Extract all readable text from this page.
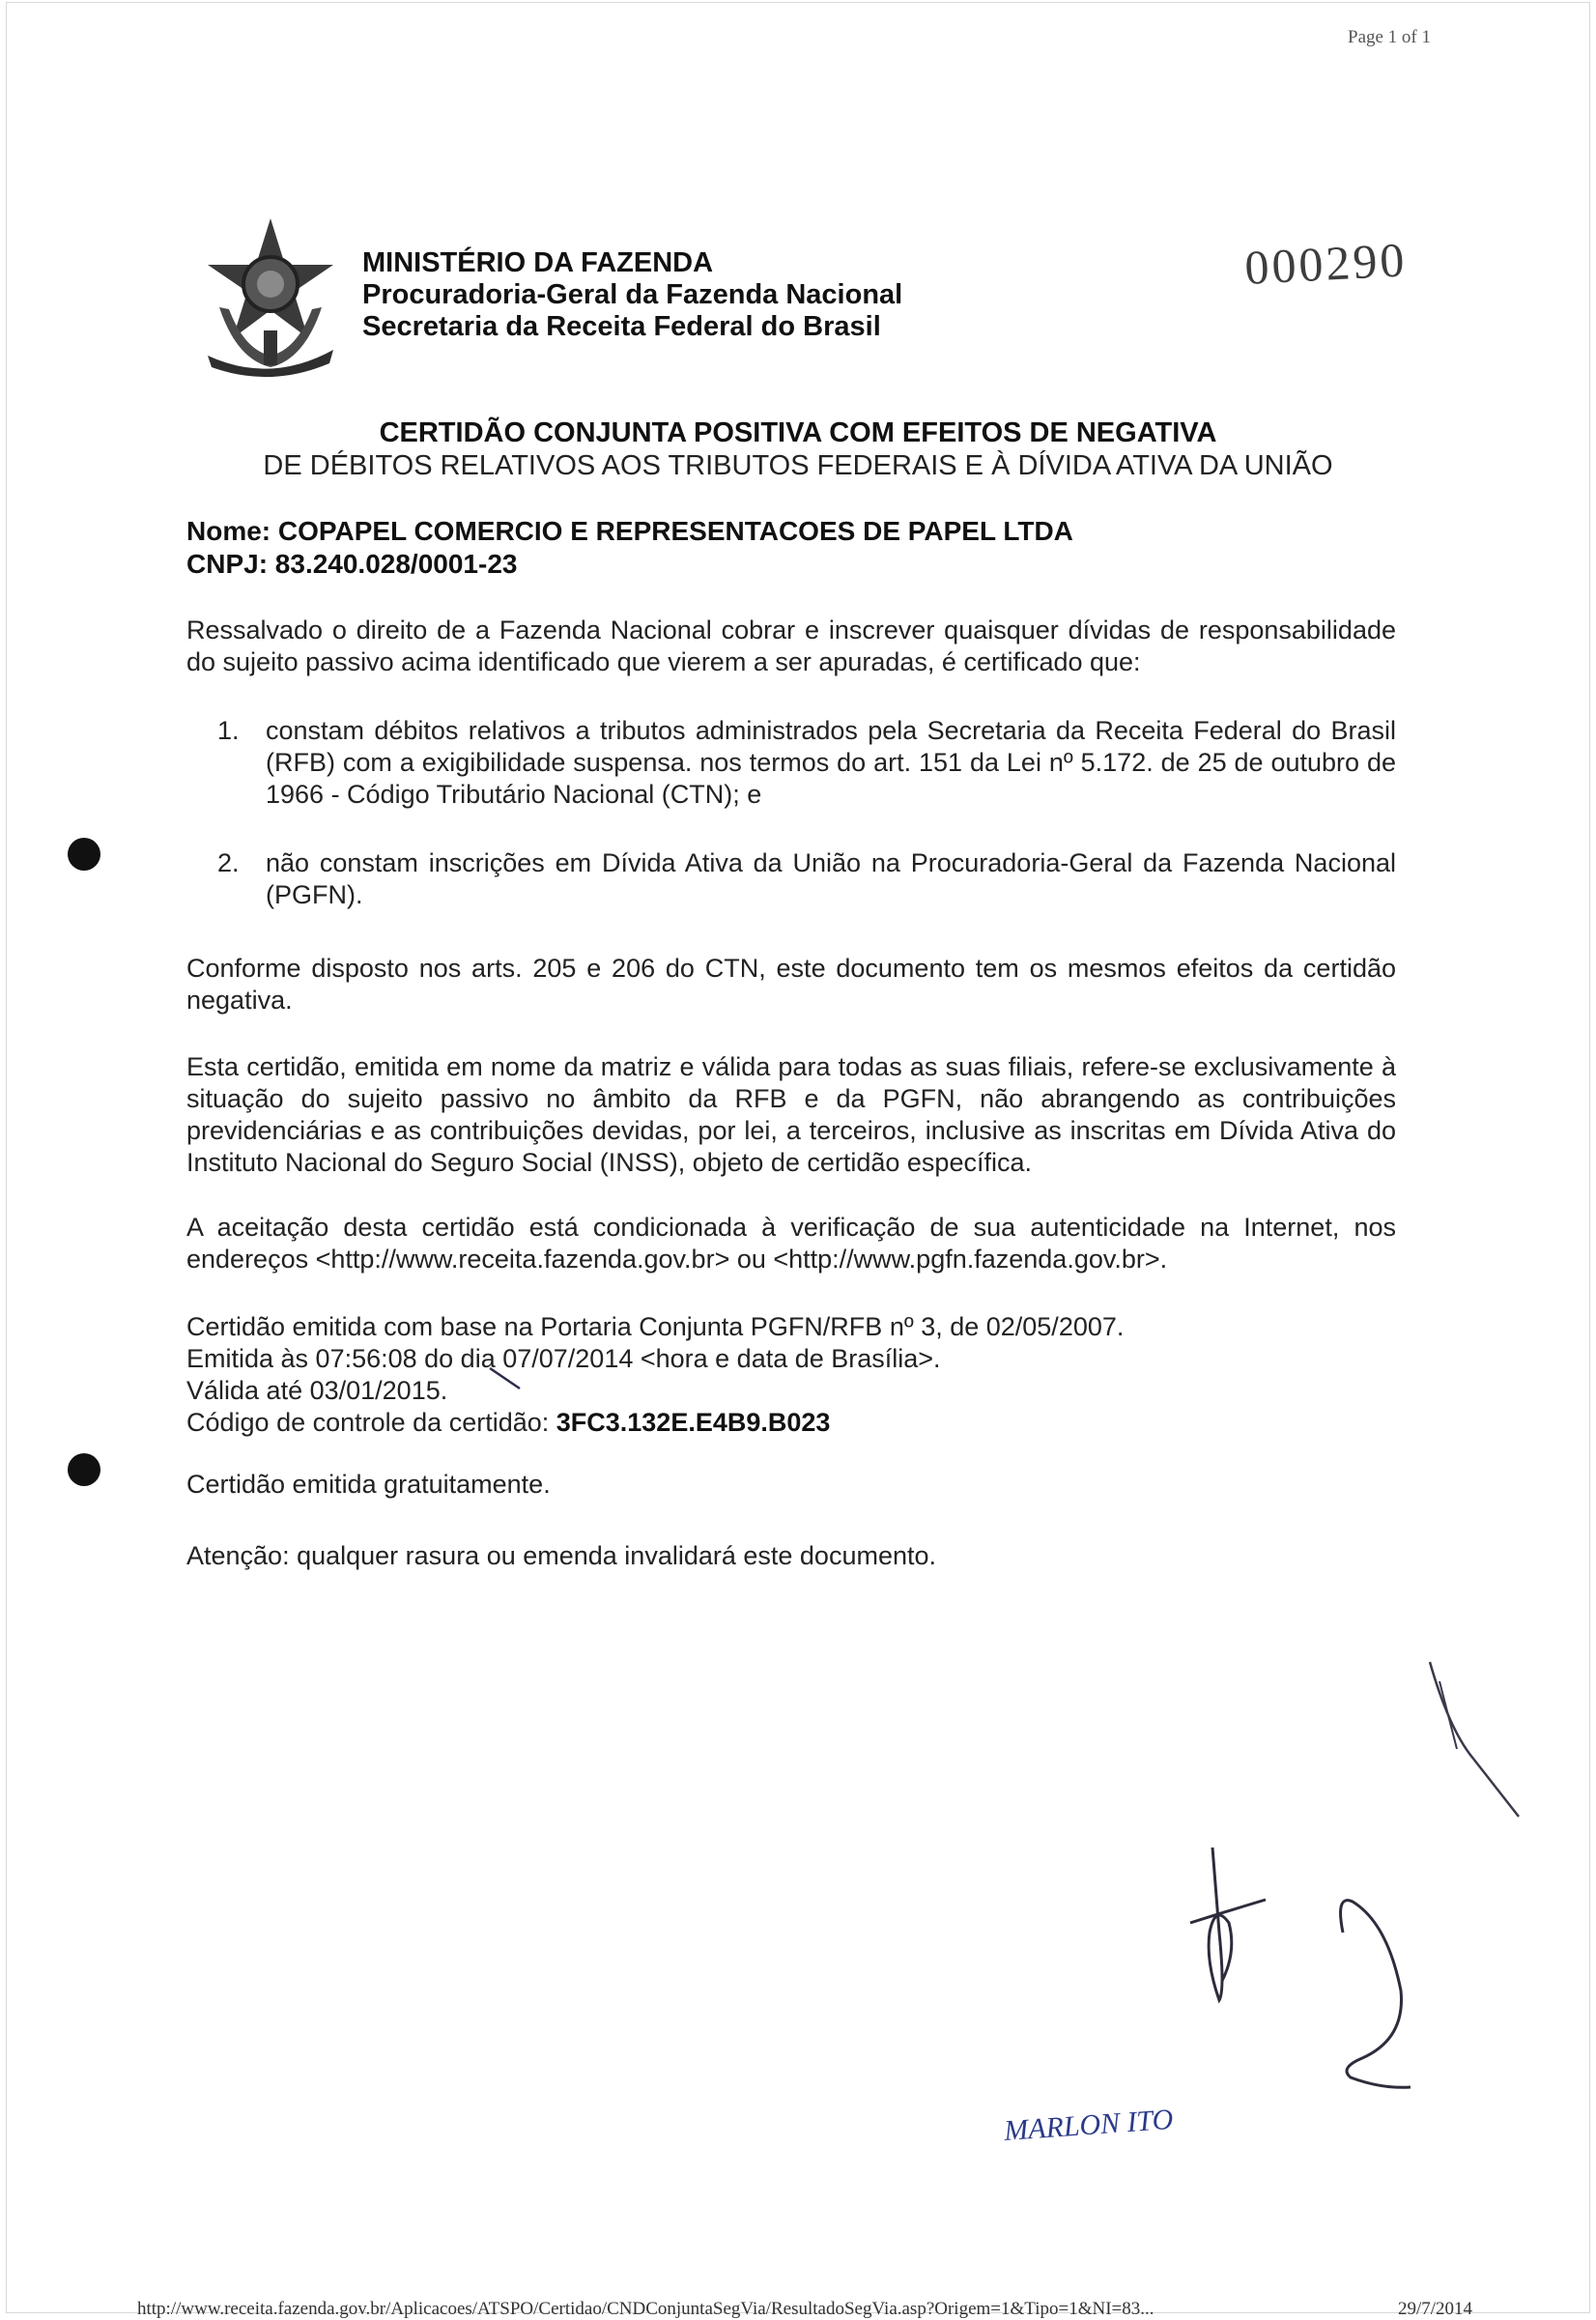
Page 1 of 1
000290
MINISTÉRIO DA FAZENDA
Procuradoria-Geral da Fazenda Nacional
Secretaria da Receita Federal do Brasil
CERTIDÃO CONJUNTA POSITIVA COM EFEITOS DE NEGATIVA
DE DÉBITOS RELATIVOS AOS TRIBUTOS FEDERAIS E À DÍVIDA ATIVA DA UNIÃO
Nome: COPAPEL COMERCIO E REPRESENTACOES DE PAPEL LTDA
CNPJ: 83.240.028/0001-23
Ressalvado o direito de a Fazenda Nacional cobrar e inscrever quaisquer dívidas de responsabilidade do sujeito passivo acima identificado que vierem a ser apuradas, é certificado que:
1.	constam débitos relativos a tributos administrados pela Secretaria da Receita Federal do Brasil (RFB) com a exigibilidade suspensa. nos termos do art. 151 da Lei nº 5.172. de 25 de outubro de 1966 - Código Tributário Nacional (CTN); e
2.	não constam inscrições em Dívida Ativa da União na Procuradoria-Geral da Fazenda Nacional (PGFN).
Conforme disposto nos arts. 205 e 206 do CTN, este documento tem os mesmos efeitos da certidão negativa.
Esta certidão, emitida em nome da matriz e válida para todas as suas filiais, refere-se exclusivamente à situação do sujeito passivo no âmbito da RFB e da PGFN, não abrangendo as contribuições previdenciárias e as contribuições devidas, por lei, a terceiros, inclusive as inscritas em Dívida Ativa do Instituto Nacional do Seguro Social (INSS), objeto de certidão específica.
A aceitação desta certidão está condicionada à verificação de sua autenticidade na Internet, nos endereços <http://www.receita.fazenda.gov.br> ou <http://www.pgfn.fazenda.gov.br>.
Certidão emitida com base na Portaria Conjunta PGFN/RFB nº 3, de 02/05/2007.
Emitida às 07:56:08 do dia 07/07/2014 <hora e data de Brasília>.
Válida até 03/01/2015.
Código de controle da certidão: 3FC3.132E.E4B9.B023
Certidão emitida gratuitamente.
Atenção: qualquer rasura ou emenda invalidará este documento.
MARLON ITO
http://www.receita.fazenda.gov.br/Aplicacoes/ATSPO/Certidao/CNDConjuntaSegVia/ResultadoSegVia.asp?Origem=1&Tipo=1&NI=83...	29/7/2014
